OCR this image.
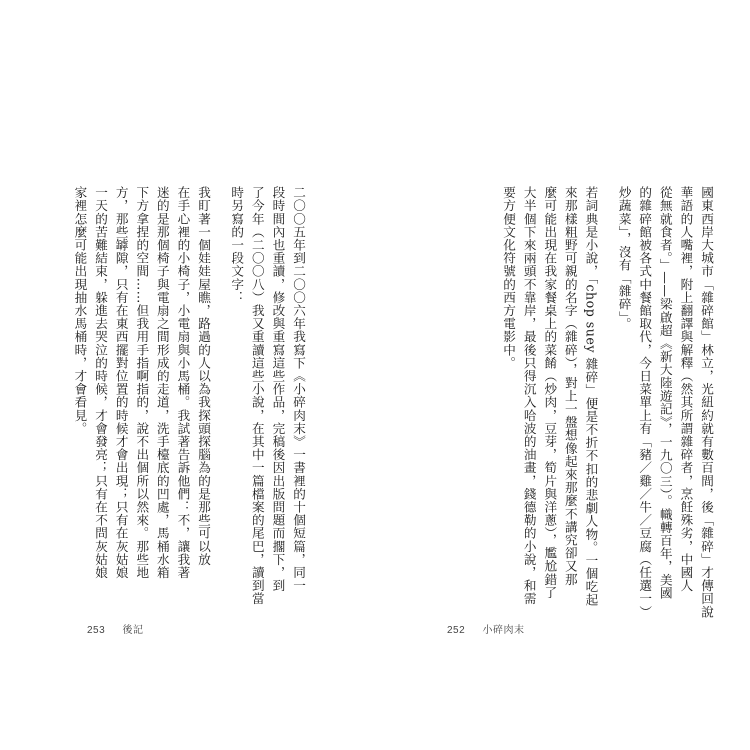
二〇〇五年到二〇〇六年我寫下《小碎肉末》一書裡的十個短篇，同一
段時間內也重讀，修改與重寫這些作品，完稿後因出版問題而擱下，到
了今年（二〇〇八）我又重讀這些小說，在其中一篇檔案的尾巴，讀到當
時另寫的一段文字：
我盯著一個娃娃屋瞧，路過的人以為我探頭探腦為的是那些可以放
在手心裡的小椅子，小電扇與小馬桶。我試著告訴他們：不，讓我著
迷的是那個椅子與電扇之間形成的走道，洗手檯底的凹處，馬桶水箱
下方拿捏的空間……但我用手指啊指的，說不出個所以然來。那些地
方，那些罅隙，只有在東西擺對位置的時候才會出現；只有在灰姑娘
一天的苦難結束，躲進去哭泣的時候，才會發亮；只有在不問灰姑娘
家裡怎麼可能出現抽水馬桶時，才會看見。
253 後記
國東西岸大城市「雜碎館」林立，光紐約就有數百間，後「雜碎」才傳回說
華語的人嘴裡，附上翻譯與解釋（然其所謂雜碎者，烹飪殊劣，中國人
從無就食者。」——梁啟超《新大陸遊記》，一九〇三）。幟轉百年，美國
的雜碎館被各式中餐館取代，今日菜單上有「豬／雞／牛／豆腐（任選一）
炒蔬菜」，沒有「雜碎」。
若詞典是小說，「chop suey 雜碎」便是不折不扣的悲劇人物。一個吃起
來那樣粗野可親的名字（雜碎），對上一盤想像起來那麼不講究卻又那
麼可能出現在我家餐桌上的菜餚（炒肉，豆芽，筍片與洋蔥），尷尬錯了
大半個下來兩頭不靠岸，最後只得沉入哈波的油畫，錢德勒的小說，和需
要方便文化符號的西方電影中。
252 小碎肉末
